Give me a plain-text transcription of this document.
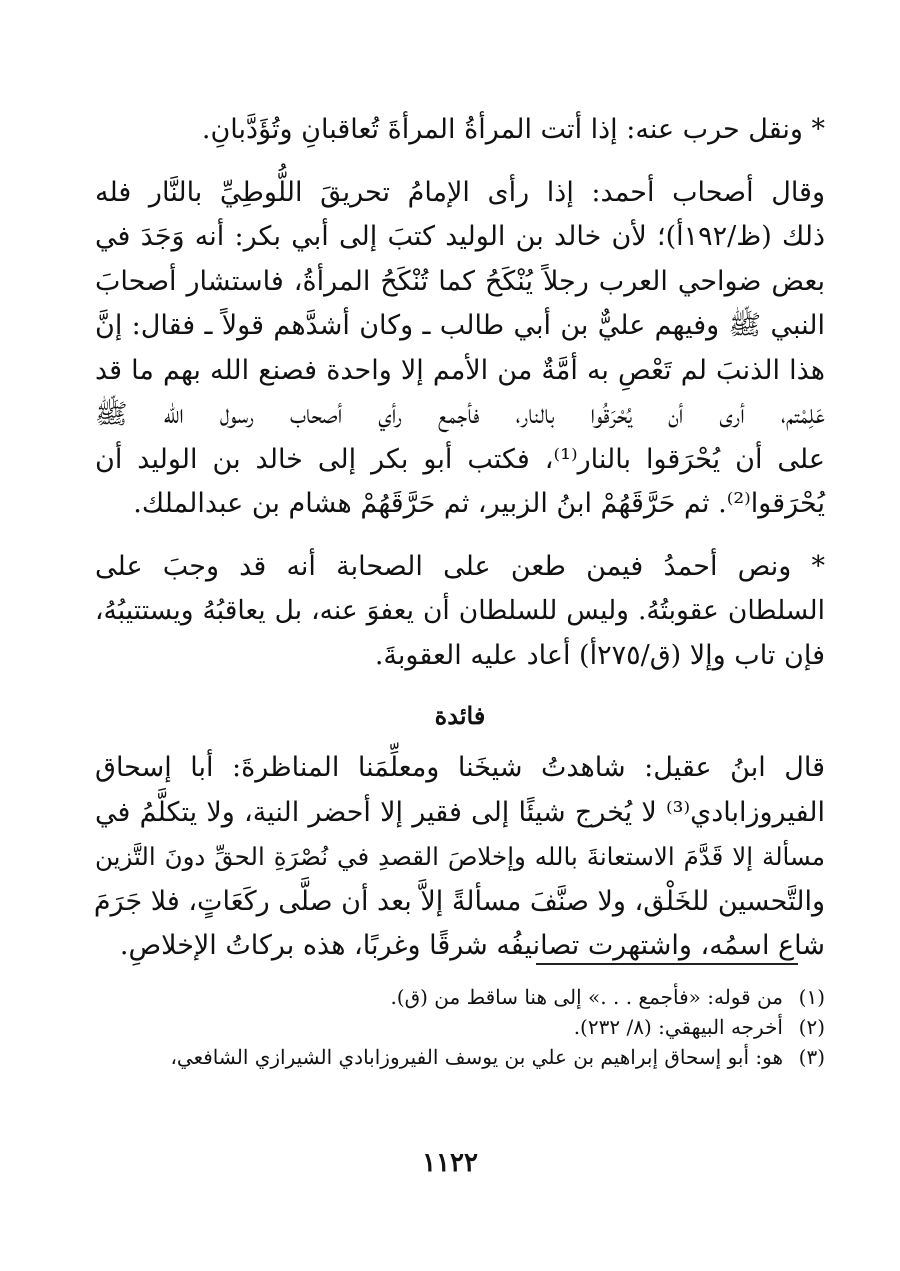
* ونقل حرب عنه: إذا أتت المرأةُ المرأةَ تُعاقبانِ وتُؤَدَّبانِ.

وقال أصحاب أحمد: إذا رأى الإمامُ تحريقَ اللُّوطِيِّ بالنَّار فله
ذلك (ظ/١٩٢أ)؛ لأن خالد بن الوليد كتبَ إلى أبي بكر: أنه وَجَدَ في
بعض ضواحي العرب رجلاً يُنْكَحُ كما تُنْكَحُ المرأةُ، فاستشار أصحابَ
النبي ﷺ وفيهم عليٌّ بن أبي طالب ـ وكان أشدَّهم قولاً ـ فقال: إنَّ
هذا الذنبَ لم تَعْصِ به أمَّةٌ من الأمم إلا واحدة فصنع الله بهم ما قد
عَلِمْتم، أرى أن يُحْرَقُوا بالنار، فأجمع رأي أصحاب رسول الله ﷺ
على أن يُحْرَقوا بالنار⁽¹⁾، فكتب أبو بكر إلى خالد بن الوليد أن
يُحْرَقوا⁽²⁾. ثم حَرَّقَهُمْ ابنُ الزبير، ثم حَرَّقَهُمْ هشام بن عبدالملك.

* ونص أحمدُ فيمن طعن على الصحابة أنه قد وجبَ على
السلطان عقوبتُهُ. وليس للسلطان أن يعفوَ عنه، بل يعاقبُهُ ويستتيبُهُ،
فإن تاب وإلا (ق/٢٧٥أ) أعاد عليه العقوبةَ.

فائدة

قال ابنُ عقيل: شاهدتُ شيخَنا ومعلِّمَنا المناظرةَ: أبا إسحاق
الفيروزابادي⁽³⁾ لا يُخرج شيئًا إلى فقير إلا أحضر النية، ولا يتكلَّمُ في
مسألة إلا قَدَّمَ الاستعانةَ بالله وإخلاصَ القصدِ في نُصْرَةِ الحقِّ دونَ التَّزين
والتَّحسين للخَلْق، ولا صنَّفَ مسألةً إلاَّ بعد أن صلَّى ركَعَاتٍ، فلا جَرَمَ
شاع اسمُه، واشتهرت تصانيفُه شرقًا وغربًا، هذه بركاتُ الإخلاصِ.

(١)من قوله: «فأجمع . . .» إلى هنا ساقط من (ق).
(٢)أخرجه البيهقي: (٨/ ٢٣٢).
(٣)هو: أبو إسحاق إبراهيم بن علي بن يوسف الفيروزابادي الشيرازي الشافعي،
١١٢٢
